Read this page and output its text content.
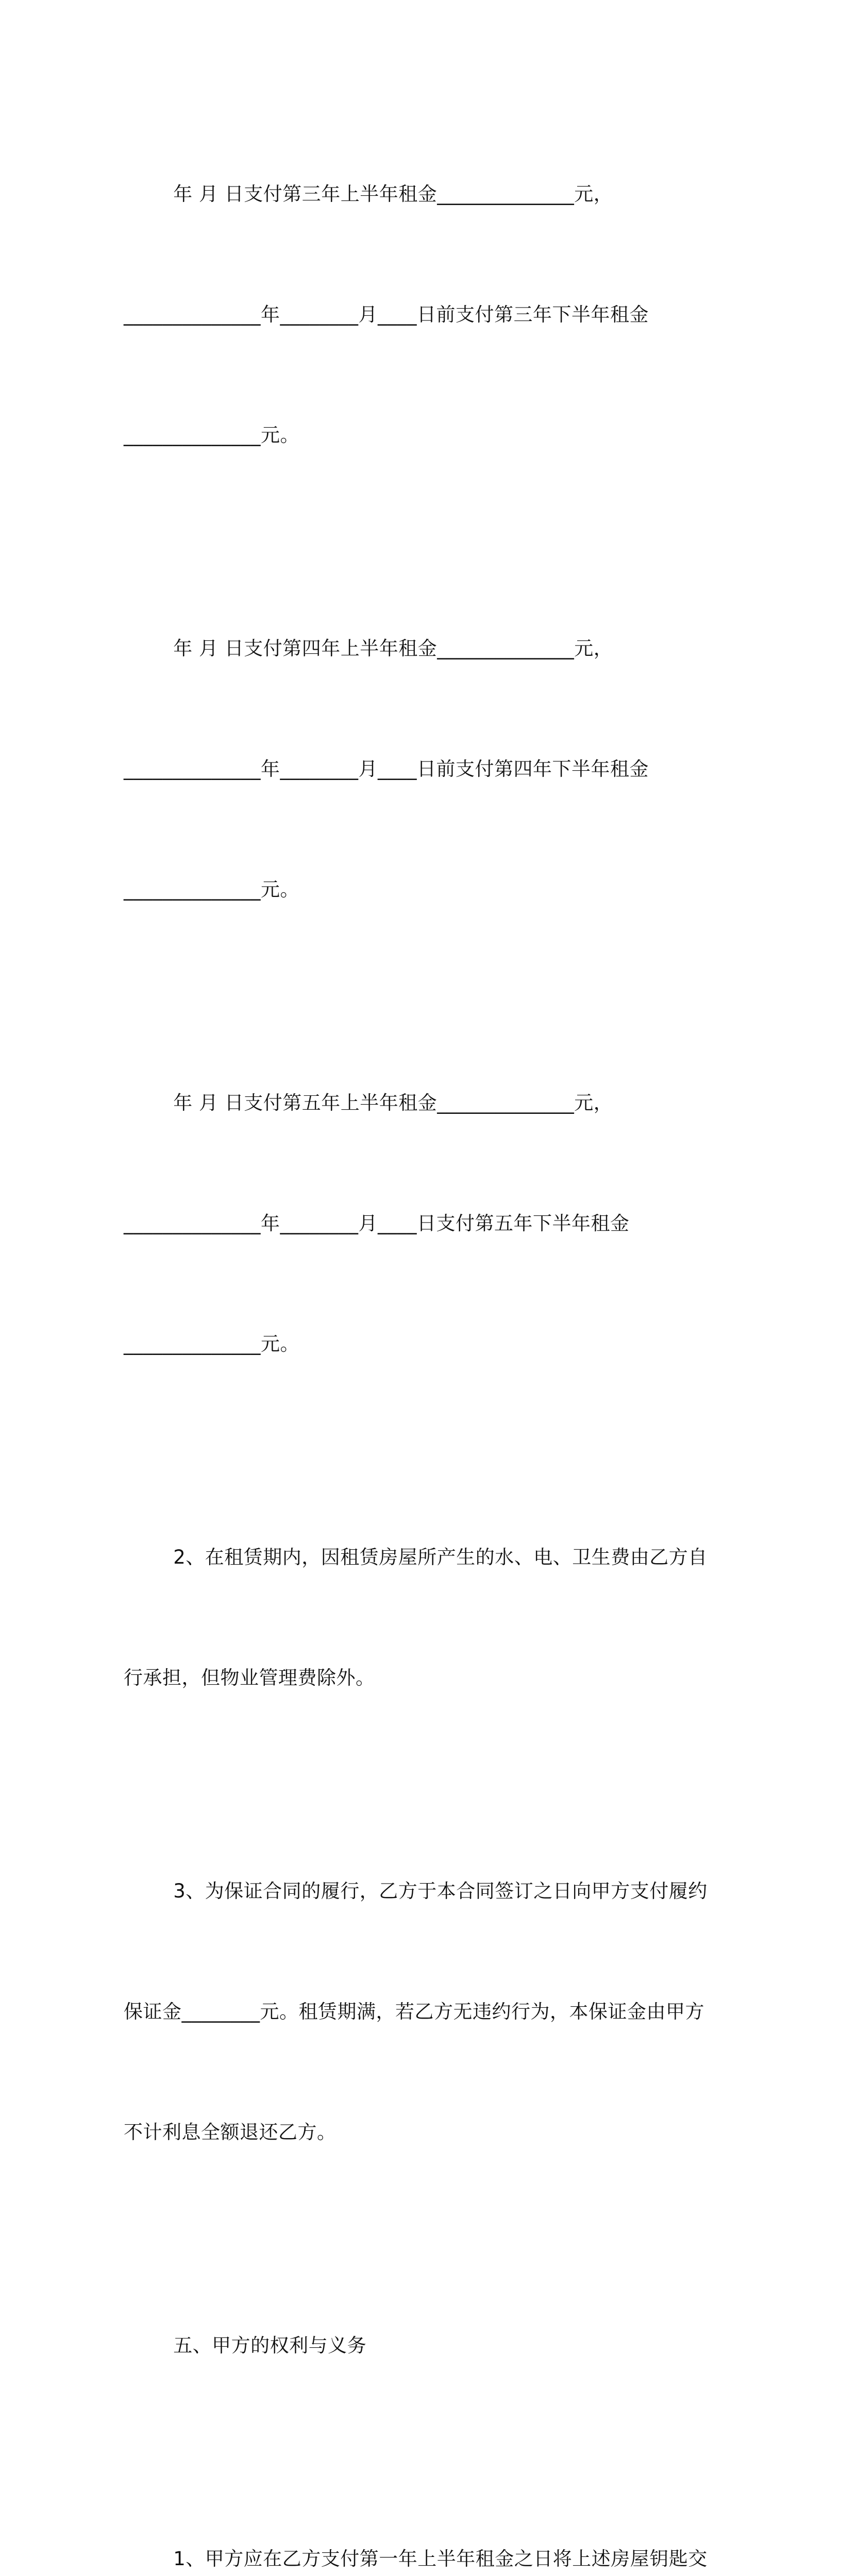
年 月 日支付第三年上半年租金______________元，

______________年________月____日前支付第三年下半年租金

______________元。

年 月 日支付第四年上半年租金______________元，

______________年________月____日前支付第四年下半年租金

______________元。

年 月 日支付第五年上半年租金______________元，

______________年________月____日支付第五年下半年租金

______________元。

2、在租赁期内，因租赁房屋所产生的水、电、卫生费由乙方自

行承担，但物业管理费除外。

3、为保证合同的履行，乙方于本合同签订之日向甲方支付履约

保证金________元。租赁期满，若乙方无违约行为，本保证金由甲方

不计利息全额退还乙方。

五、甲方的权利与义务

1、甲方应在乙方支付第一年上半年租金之日将上述房屋钥匙交
